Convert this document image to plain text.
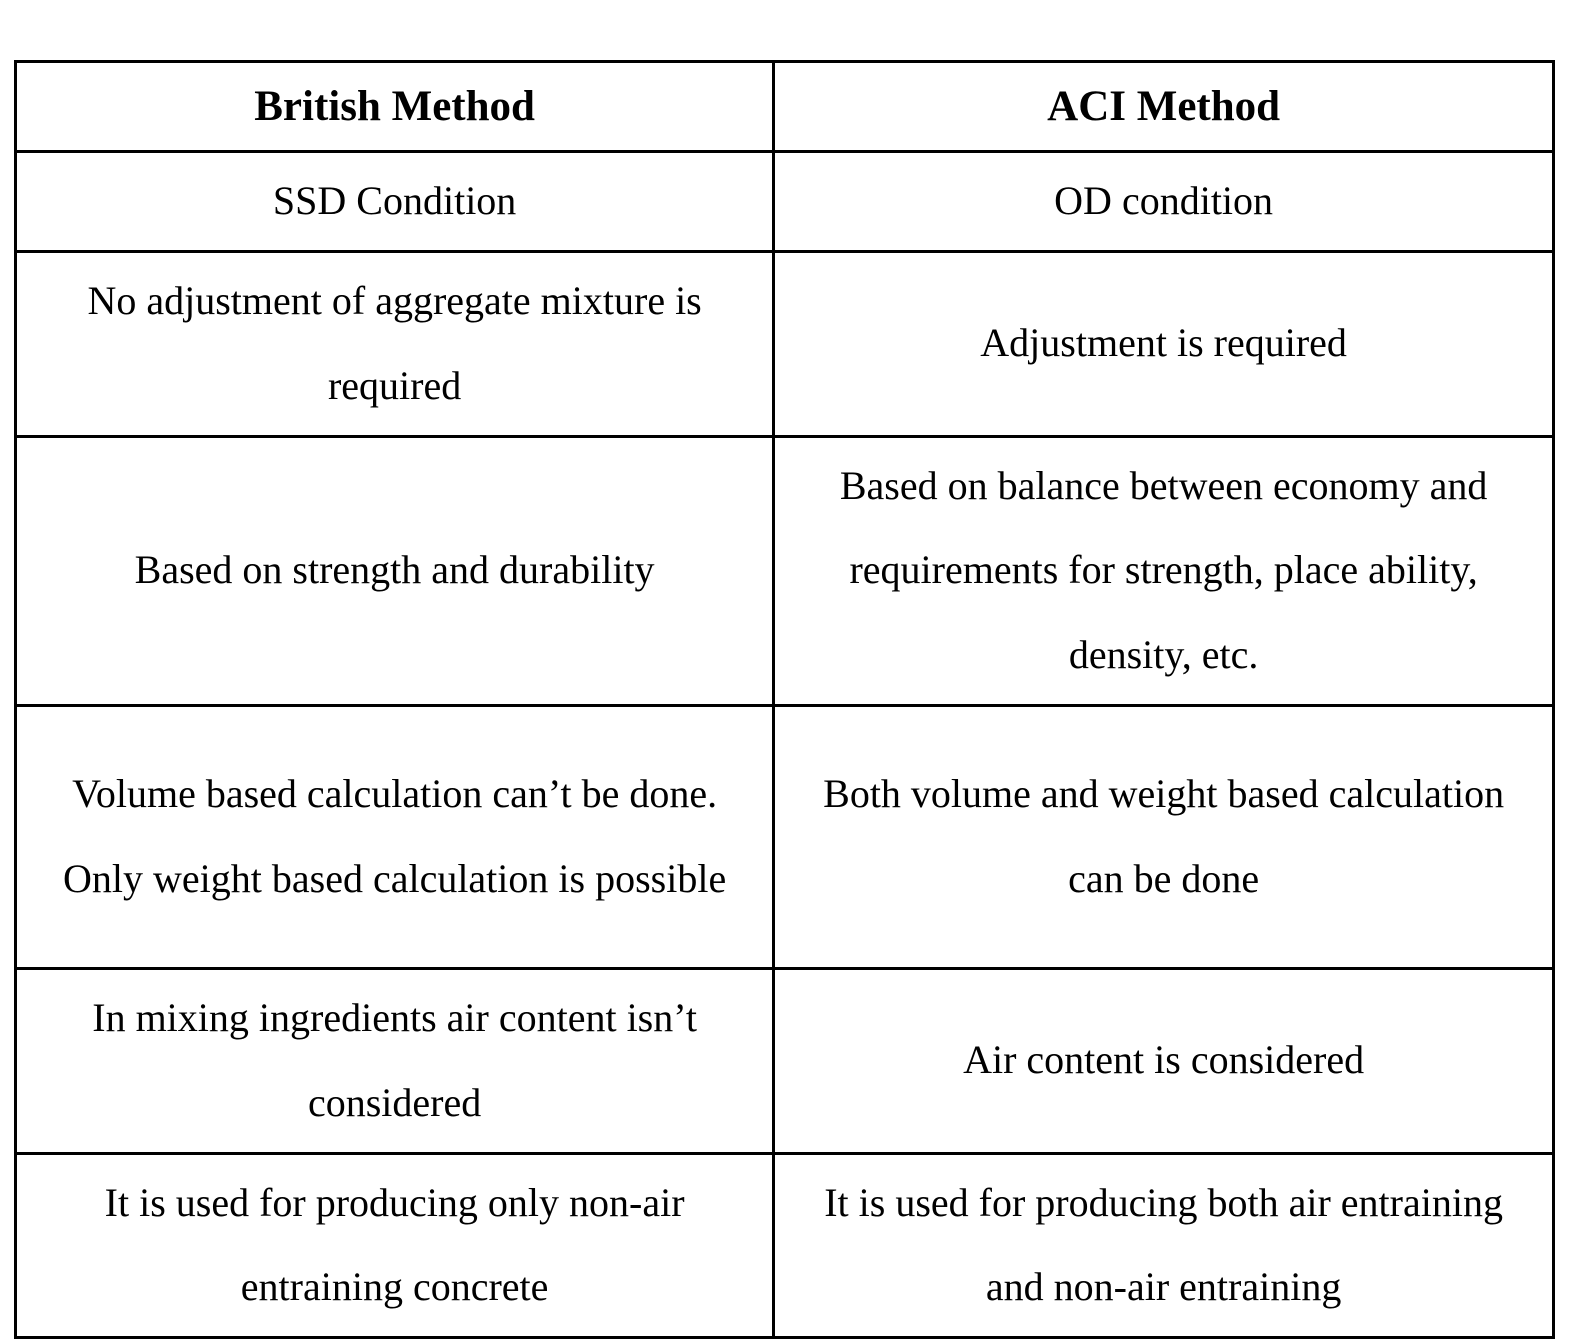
British Method	ACI Method
SSD Condition	OD condition
No adjustment of aggregate mixture is required	Adjustment is required
Based on strength and durability	Based on balance between economy and requirements for strength, place ability, density, etc.
Volume based calculation can’t be done. Only weight based calculation is possible	Both volume and weight based calculation can be done
In mixing ingredients air content isn’t considered	Air content is considered
It is used for producing only non-air entraining concrete	It is used for producing both air entraining and non-air entraining
